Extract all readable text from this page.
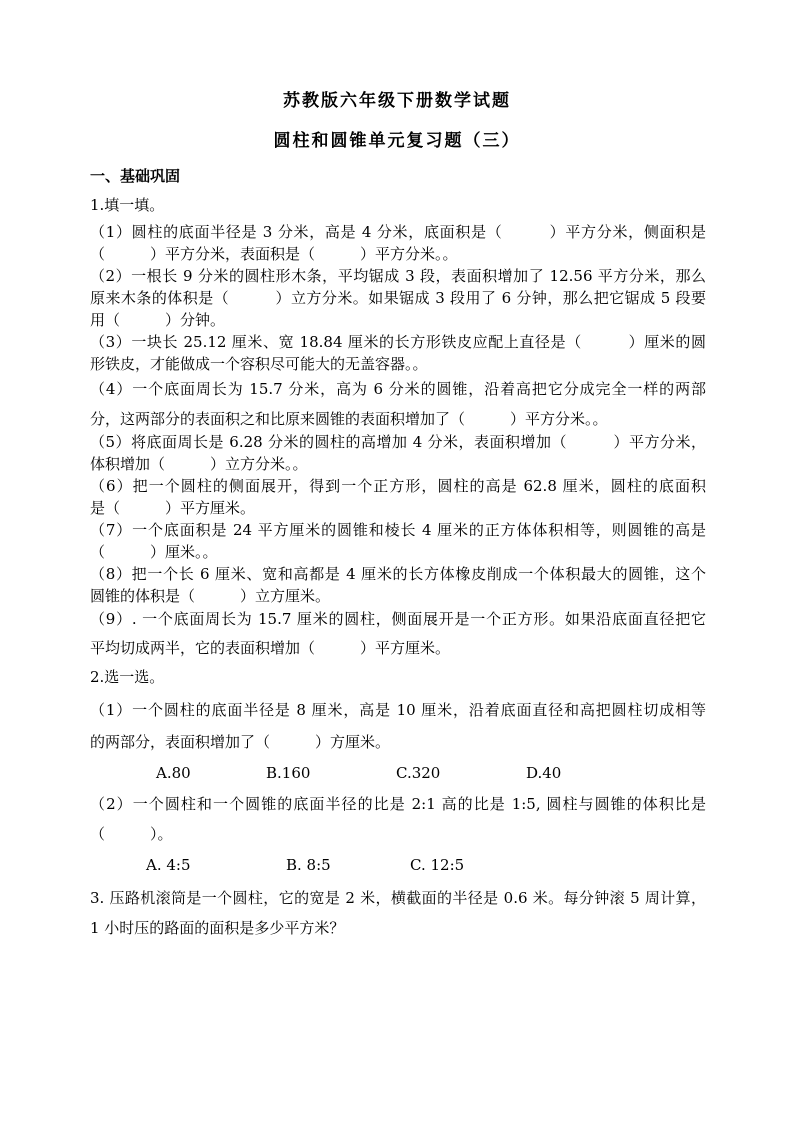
苏教版六年级下册数学试题
圆柱和圆锥单元复习题（三）
一、基础巩固
1.填一填。
（1）圆柱的底面半径是 3 分米，高是 4 分米，底面积是（　　　）平方分米，侧面积是
（　　　）平方分米，表面积是（　　　）平方分米。。
（2）一根长 9 分米的圆柱形木条，平均锯成 3 段，表面积增加了 12.56 平方分米，那么
原来木条的体积是（　　　）立方分米。如果锯成 3 段用了 6 分钟，那么把它锯成 5 段要
用（　　　）分钟。
（3）一块长 25.12 厘米、宽 18.84 厘米的长方形铁皮应配上直径是（　　　）厘米的圆
形铁皮，才能做成一个容积尽可能大的无盖容器。。
（4）一个底面周长为 15.7 分米，高为 6 分米的圆锥，沿着高把它分成完全一样的两部
分，这两部分的表面积之和比原来圆锥的表面积增加了（　　　）平方分米。。
（5）将底面周长是 6.28 分米的圆柱的高增加 4 分米，表面积增加（　　　）平方分米，
体积增加（　　　）立方分米。。
（6）把一个圆柱的侧面展开，得到一个正方形，圆柱的高是 62.8 厘米，圆柱的底面积
是（　　　）平方厘米。
（7）一个底面积是 24 平方厘米的圆锥和棱长 4 厘米的正方体体积相等，则圆锥的高是
（　　　）厘米。。
（8）把一个长 6 厘米、宽和高都是 4 厘米的长方体橡皮削成一个体积最大的圆锥，这个
圆锥的体积是（　　　）立方厘米。
（9）. 一个底面周长为 15.7 厘米的圆柱，侧面展开是一个正方形。如果沿底面直径把它
平均切成两半，它的表面积增加（　　　）平方厘米。
2.选一选。
（1）一个圆柱的底面半径是 8 厘米，高是 10 厘米，沿着底面直径和高把圆柱切成相等
的两部分，表面积增加了（　　　）方厘米。
A.80	B.160	C.320	D.40
（2）一个圆柱和一个圆锥的底面半径的比是 2:1 高的比是 1:5, 圆柱与圆锥的体积比是
（　　　）。
A. 4:5	B. 8:5	C. 12:5
3. 压路机滚筒是一个圆柱，它的宽是 2 米，横截面的半径是 0.6 米。每分钟滚 5 周计算，
1 小时压的路面的面积是多少平方米？
